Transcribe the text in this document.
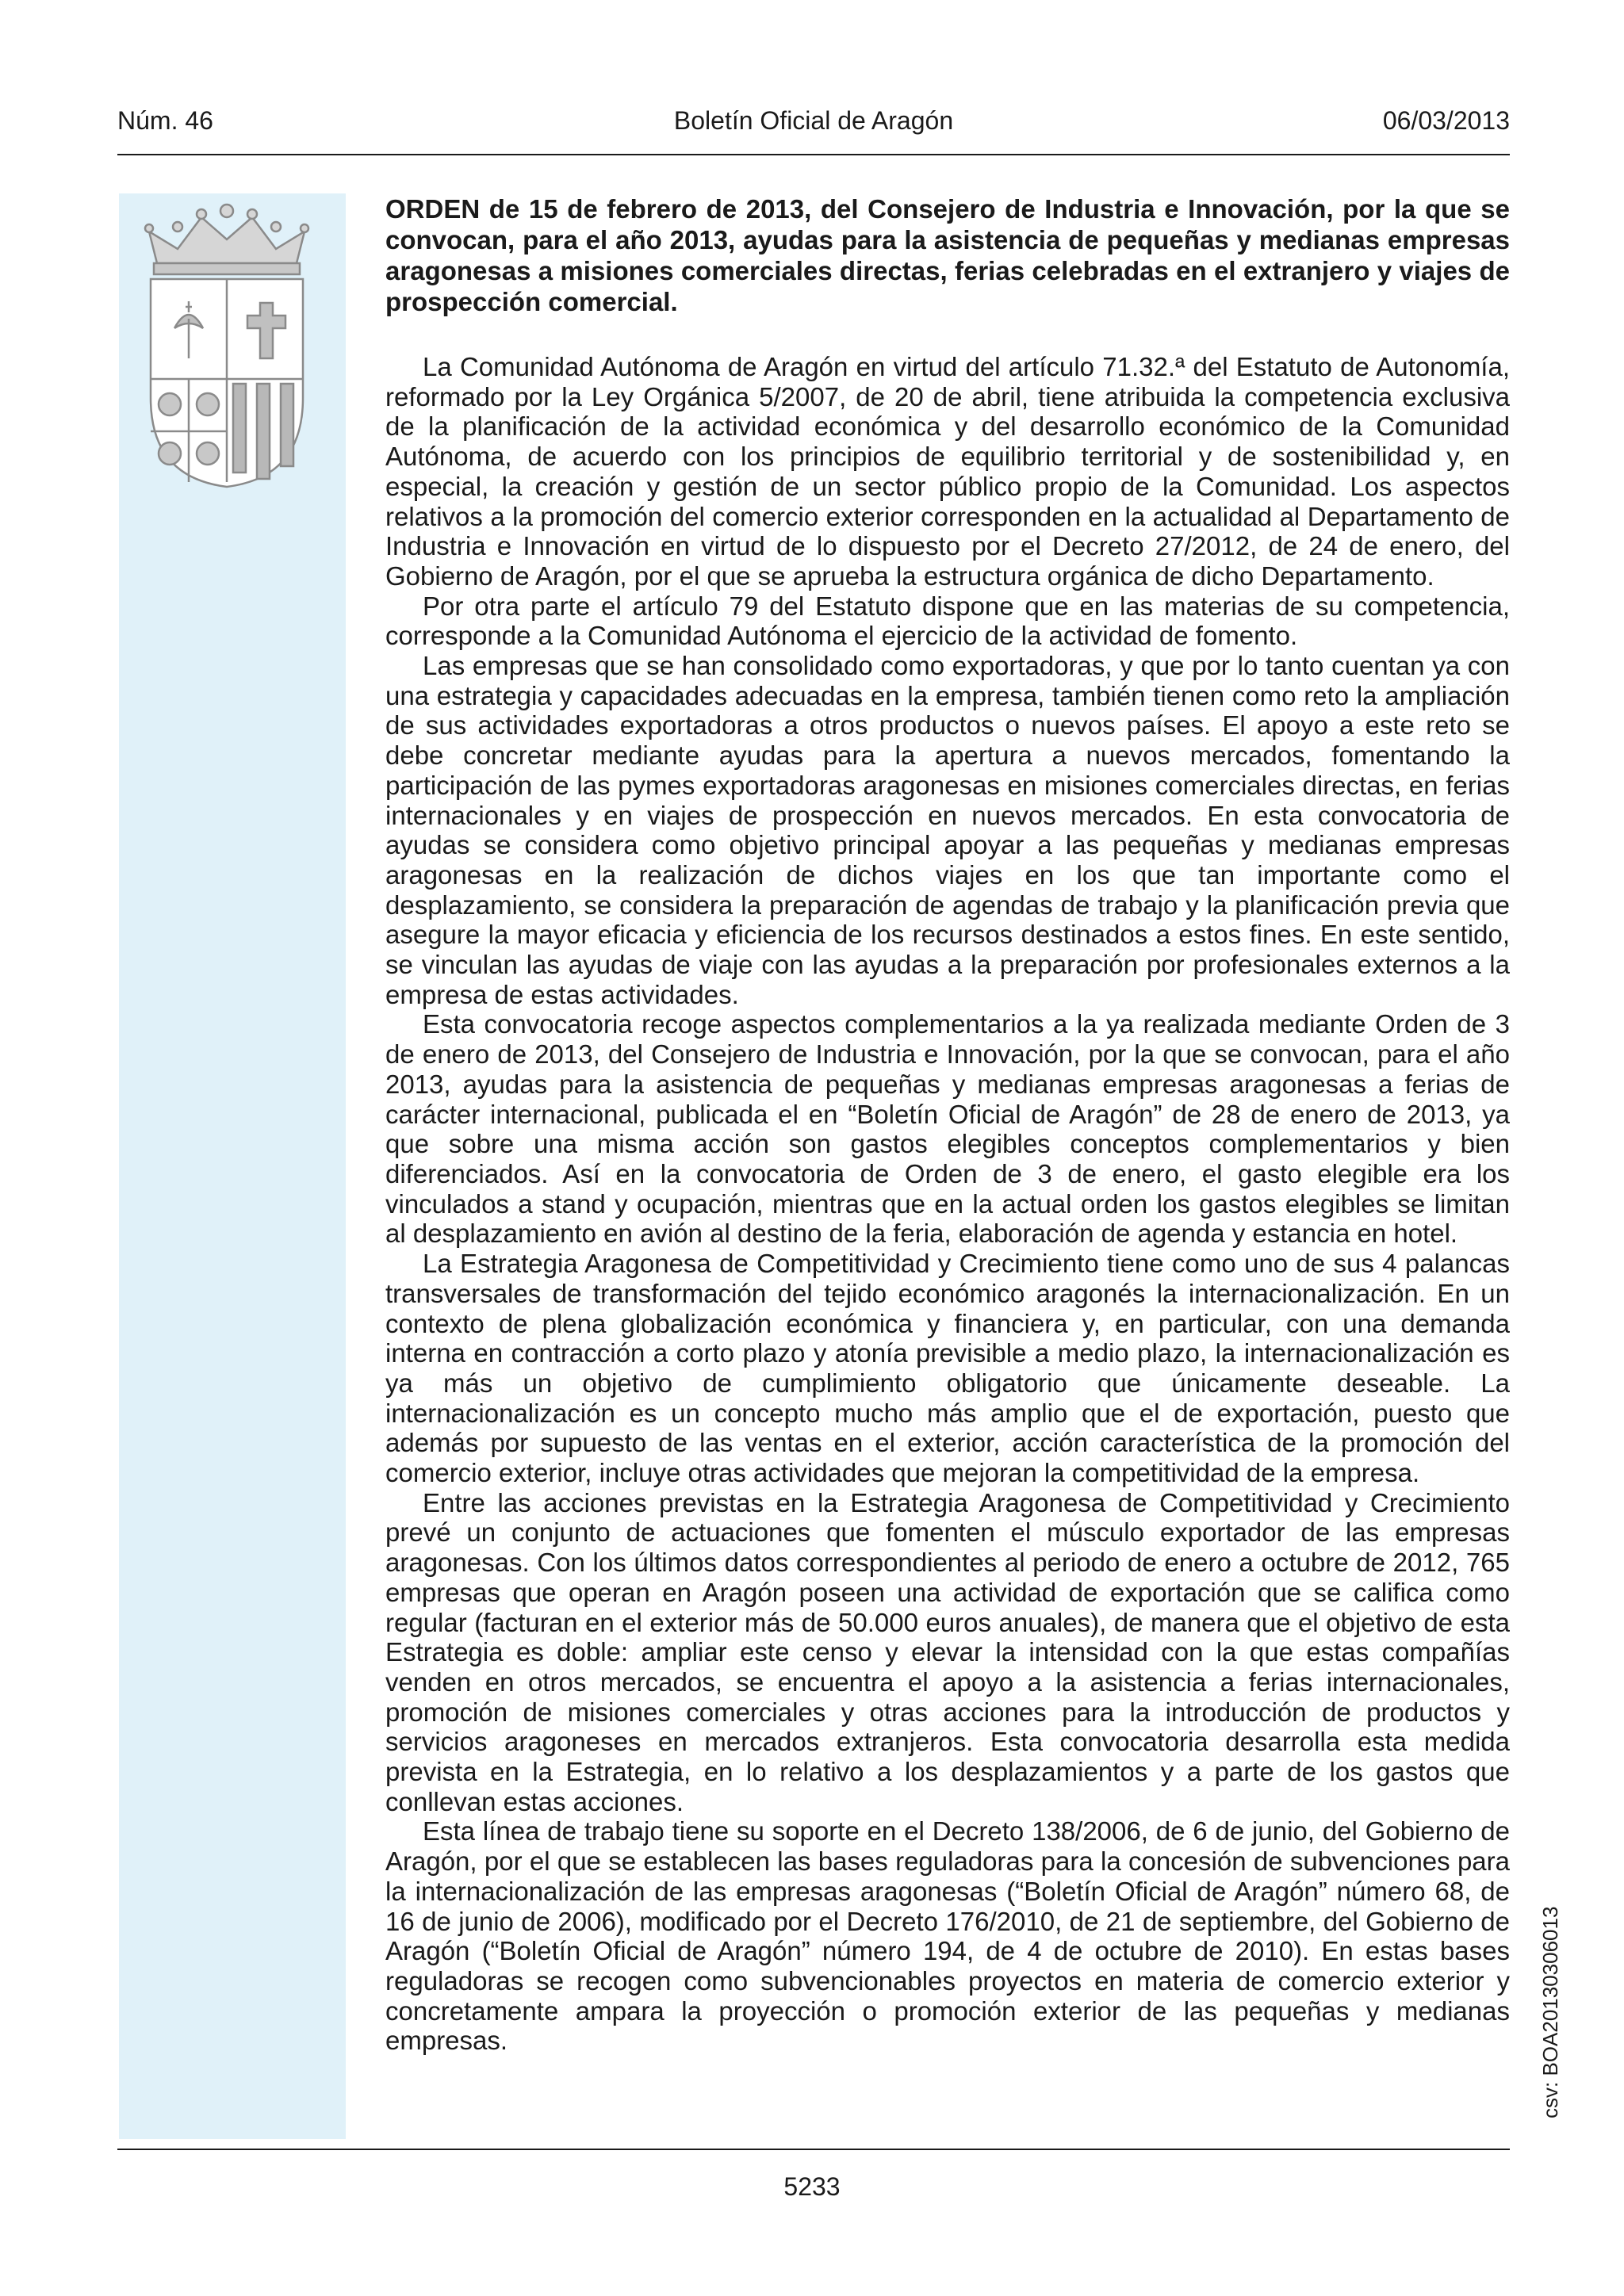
Núm. 46	Boletín Oficial de Aragón	06/03/2013

ORDEN de 15 de febrero de 2013, del Consejero de Industria e Innovación, por la que se convocan, para el año 2013, ayudas para la asistencia de pequeñas y medianas empresas aragonesas a misiones comerciales directas, ferias celebradas en el extranjero y viajes de prospección comercial.

La Comunidad Autónoma de Aragón en virtud del artículo 71.32.ª del Estatuto de Autonomía, reformado por la Ley Orgánica 5/2007, de 20 de abril, tiene atribuida la competencia exclusiva de la planificación de la actividad económica y del desarrollo económico de la Comunidad Autónoma, de acuerdo con los principios de equilibrio territorial y de sostenibilidad y, en especial, la creación y gestión de un sector público propio de la Comunidad. Los aspectos relativos a la promoción del comercio exterior corresponden en la actualidad al Departamento de Industria e Innovación en virtud de lo dispuesto por el Decreto 27/2012, de 24 de enero, del Gobierno de Aragón, por el que se aprueba la estructura orgánica de dicho Departamento.

Por otra parte el artículo 79 del Estatuto dispone que en las materias de su competencia, corresponde a la Comunidad Autónoma el ejercicio de la actividad de fomento.

Las empresas que se han consolidado como exportadoras, y que por lo tanto cuentan ya con una estrategia y capacidades adecuadas en la empresa, también tienen como reto la ampliación de sus actividades exportadoras a otros productos o nuevos países. El apoyo a este reto se debe concretar mediante ayudas para la apertura a nuevos mercados, fomentando la participación de las pymes exportadoras aragonesas en misiones comerciales directas, en ferias internacionales y en viajes de prospección en nuevos mercados. En esta convocatoria de ayudas se considera como objetivo principal apoyar a las pequeñas y medianas empresas aragonesas en la realización de dichos viajes en los que tan importante como el desplazamiento, se considera la preparación de agendas de trabajo y la planificación previa que asegure la mayor eficacia y eficiencia de los recursos destinados a estos fines. En este sentido, se vinculan las ayudas de viaje con las ayudas a la preparación por profesionales externos a la empresa de estas actividades.

Esta convocatoria recoge aspectos complementarios a la ya realizada mediante Orden de 3 de enero de 2013, del Consejero de Industria e Innovación, por la que se convocan, para el año 2013, ayudas para la asistencia de pequeñas y medianas empresas aragonesas a ferias de carácter internacional, publicada el en “Boletín Oficial de Aragón” de 28 de enero de 2013, ya que sobre una misma acción son gastos elegibles conceptos complementarios y bien diferenciados. Así en la convocatoria de Orden de 3 de enero, el gasto elegible era los vinculados a stand y ocupación, mientras que en la actual orden los gastos elegibles se limitan al desplazamiento en avión al destino de la feria, elaboración de agenda y estancia en hotel.

La Estrategia Aragonesa de Competitividad y Crecimiento tiene como uno de sus 4 palancas transversales de transformación del tejido económico aragonés la internacionalización. En un contexto de plena globalización económica y financiera y, en particular, con una demanda interna en contracción a corto plazo y atonía previsible a medio plazo, la internacionalización es ya más un objetivo de cumplimiento obligatorio que únicamente deseable. La internacionalización es un concepto mucho más amplio que el de exportación, puesto que además por supuesto de las ventas en el exterior, acción característica de la promoción del comercio exterior, incluye otras actividades que mejoran la competitividad de la empresa.

Entre las acciones previstas en la Estrategia Aragonesa de Competitividad y Crecimiento prevé un conjunto de actuaciones que fomenten el músculo exportador de las empresas aragonesas. Con los últimos datos correspondientes al periodo de enero a octubre de 2012, 765 empresas que operan en Aragón poseen una actividad de exportación que se califica como regular (facturan en el exterior más de 50.000 euros anuales), de manera que el objetivo de esta Estrategia es doble: ampliar este censo y elevar la intensidad con la que estas compañías venden en otros mercados, se encuentra el apoyo a la asistencia a ferias internacionales, promoción de misiones comerciales y otras acciones para la introducción de productos y servicios aragoneses en mercados extranjeros. Esta convocatoria desarrolla esta medida prevista en la Estrategia, en lo relativo a los desplazamientos y a parte de los gastos que conllevan estas acciones.

Esta línea de trabajo tiene su soporte en el Decreto 138/2006, de 6 de junio, del Gobierno de Aragón, por el que se establecen las bases reguladoras para la concesión de subvenciones para la internacionalización de las empresas aragonesas (“Boletín Oficial de Aragón” número 68, de 16 de junio de 2006), modificado por el Decreto 176/2010, de 21 de septiembre, del Gobierno de Aragón (“Boletín Oficial de Aragón” número 194, de 4 de octubre de 2010). En estas bases reguladoras se recogen como subvencionables proyectos en materia de comercio exterior y concretamente ampara la proyección o promoción exterior de las pequeñas y medianas empresas.

5233
csv: BOA20130306013
